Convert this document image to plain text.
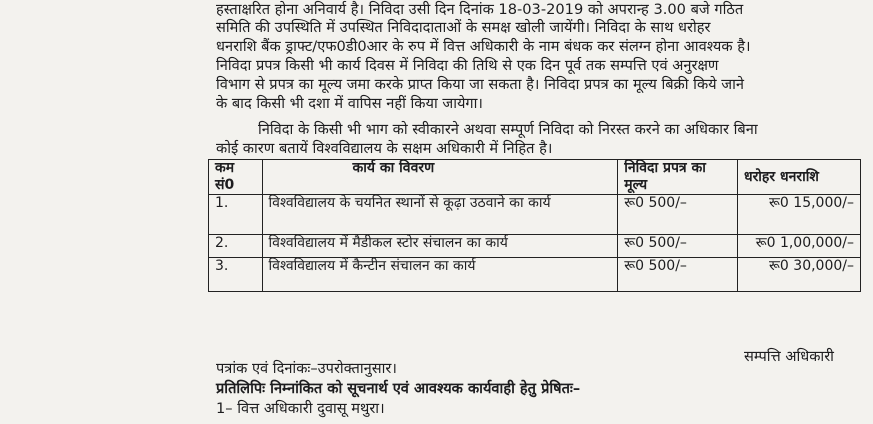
हस्ताक्षरित होना अनिवार्य है। निविदा उसी दिन दिनांक 18-03-2019 को अपरान्ह 3.00 बजे गठित
समिति की उपस्थिति में उपस्थित निविदादाताओं के समक्ष खोली जायेंगी। निविदा के साथ धरोहर
धनराशि बैंक ड्राफ्ट/एफ0डी0आर के रुप में वित्त अधिकारी के नाम बंधक कर संलग्न होना आवश्यक है।
निविदा प्रपत्र किसी भी कार्य दिवस में निविदा की तिथि से एक दिन पूर्व तक सम्पत्ति एवं अनुरक्षण
विभाग से प्रपत्र का मूल्य जमा करके प्राप्त किया जा सकता है। निविदा प्रपत्र का मूल्य बिक्री किये जाने
के बाद किसी भी दशा में वापिस नहीं किया जायेगा।
निविदा के किसी भी भाग को स्वीकारने अथवा सम्पूर्ण निविदा को निरस्त करने का अधिकार बिना
कोई कारण बतायें विश्वविद्यालय के सक्षम अधिकारी में निहित है।
कम सं0	कार्य का विवरण	निविदा प्रपत्र का मूल्य	धरोहर धनराशि
1.	विश्वविद्यालय के चयनित स्थानों से कूढ़ा उठवाने का कार्य	रू0 500/–	रू0 15,000/–
2.	विश्वविद्यालय में मैडीकल स्टोर संचालन का कार्य	रू0 500/–	रू0 1,00,000/–
3.	विश्वविद्यालय में कैन्टीन संचालन का कार्य	रू0 500/–	रू0 30,000/–
सम्पत्ति अधिकारी
पत्रांक एवं दिनांकः–उपरोक्तानुसार।
प्रतिलिपिः निम्नांकित को सूचनार्थ एवं आवश्यक कार्यवाही हेतु प्रेषितः–
1– वित्त अधिकारी दुवासू मथुरा।
